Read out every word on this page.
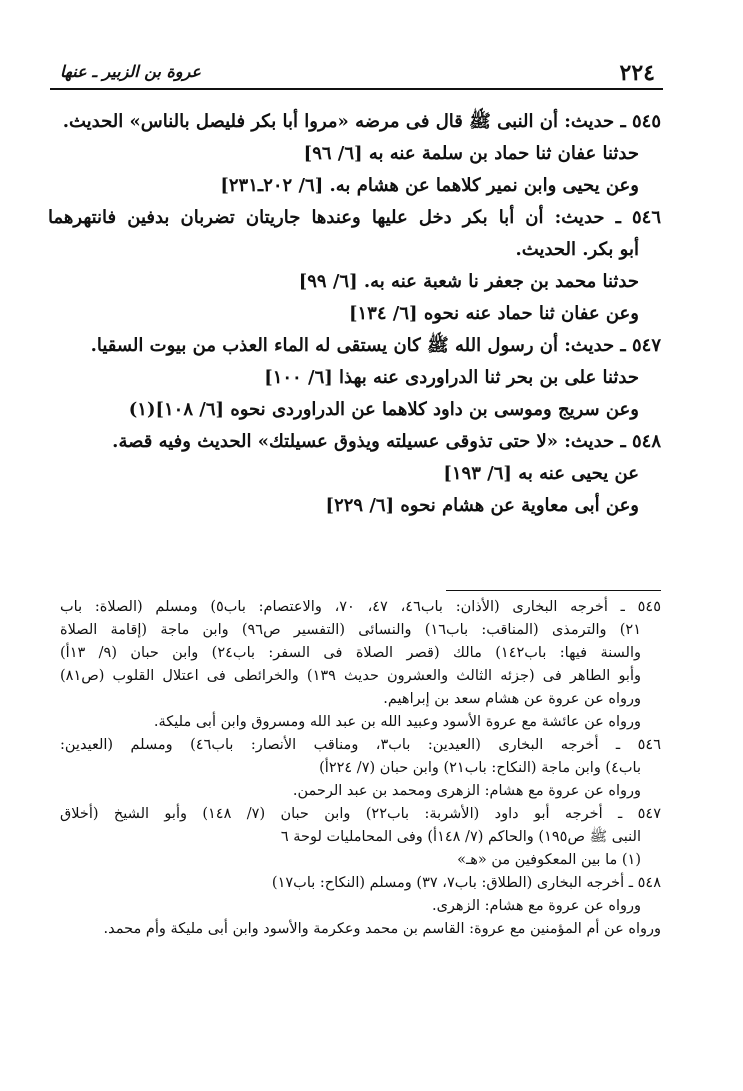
٢٢٤
عروة بن الزبير ـ عنها
٥٤٥ ـ حديث: أن النبى ﷺ قال فى مرضه «مروا أبا بكر فليصل بالناس» الحديث.
حدثنا عفان ثنا حماد بن سلمة عنه به [٦/ ٩٦]
وعن يحيى وابن نمير كلاهما عن هشام به. [٦/ ٢٠٢ـ٢٣١]
٥٤٦ ـ حديث: أن أبا بكر دخل عليها وعندها جاريتان تضربان بدفين فانتهرهما
أبو بكر. الحديث.
حدثنا محمد بن جعفر نا شعبة عنه به. [٦/ ٩٩]
وعن عفان ثنا حماد عنه نحوه [٦/ ١٣٤]
٥٤٧ ـ حديث: أن رسول الله ﷺ كان يستقى له الماء العذب من بيوت السقيا.
حدثنا على بن بحر ثنا الدراوردى عنه بهذا [٦/ ١٠٠]
وعن سريج وموسى بن داود كلاهما عن الدراوردى نحوه [٦/ ١٠٨](١)
٥٤٨ ـ حديث: «لا حتى تذوقى عسيلته ويذوق عسيلتك» الحديث وفيه قصة.
عن يحيى عنه به [٦/ ١٩٣]
وعن أبى معاوية عن هشام نحوه [٦/ ٢٢٩]
٥٤٥ ـ أخرجه البخارى (الأذان: باب٤٦، ٤٧، ٧٠، والاعتصام: باب٥) ومسلم (الصلاة: باب
٢١) والترمذى (المناقب: باب١٦) والنسائى (التفسير ص٩٦) وابن ماجة (إقامة الصلاة
والسنة فيها: باب١٤٢) مالك (قصر الصلاة فى السفر: باب٢٤) وابن حبان (٩/ ١٣أ)
وأبو الطاهر فى (جزئه الثالث والعشرون حديث ١٣٩) والخرائطى فى اعتلال القلوب (ص٨١)
ورواه عن عروة عن هشام سعد بن إبراهيم.
ورواه عن عائشة مع عروة الأسود وعبيد الله بن عبد الله ومسروق وابن أبى مليكة.
٥٤٦ ـ أخرجه البخارى (العيدين: باب٣، ومناقب الأنصار: باب٤٦) ومسلم (العيدين:
باب٤) وابن ماجة (النكاح: باب٢١) وابن حبان (٧/ ٢٢٤أ)
ورواه عن عروة مع هشام: الزهرى ومحمد بن عبد الرحمن.
٥٤٧ ـ أخرجه أبو داود (الأشربة: باب٢٢) وابن حبان (٧/ ١٤٨) وأبو الشيخ (أخلاق
النبى ﷺ ص١٩٥) والحاكم (٧/ ١٤٨أ) وفى المحامليات لوحة ٦
(١) ما بين المعكوفين من «هـ»
٥٤٨ ـ أخرجه البخارى (الطلاق: باب٧، ٣٧) ومسلم (النكاح: باب١٧)
ورواه عن عروة مع هشام: الزهرى.
ورواه عن أم المؤمنين مع عروة: القاسم بن محمد وعكرمة والأسود وابن أبى مليكة وأم محمد.
